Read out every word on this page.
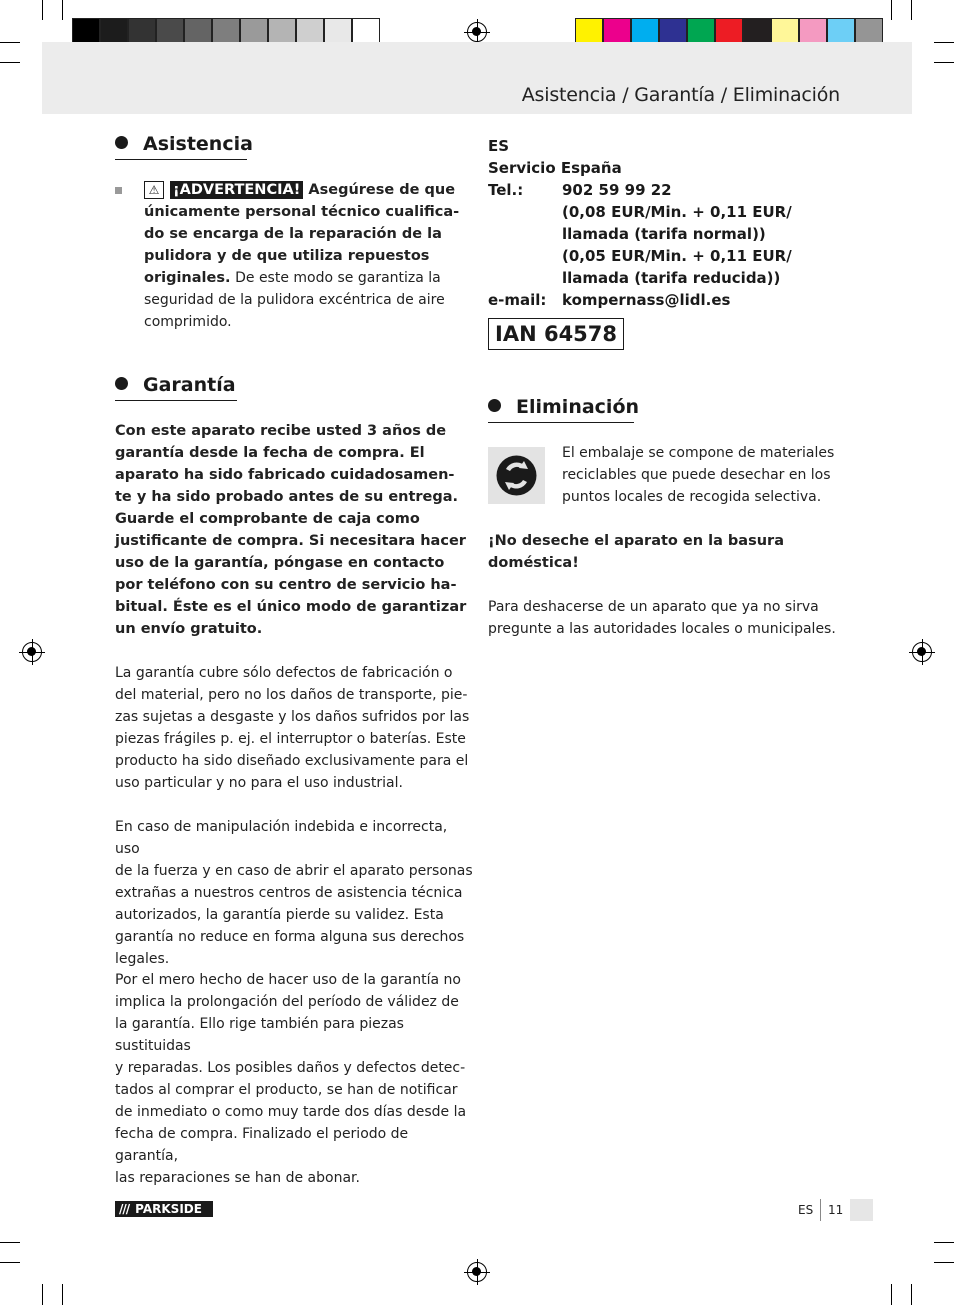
Asistencia / Garantía / Eliminación
Asistencia
⚠ ¡ADVERTENCIA! Asegúrese de que
únicamente personal técnico cualifica-
do se encarga de la reparación de la
pulidora y de que utiliza repuestos
originales. De este modo se garantiza la
seguridad de la pulidora excéntrica de aire
comprimido.
Garantía
Con este aparato recibe usted 3 años de
garantía desde la fecha de compra. El
aparato ha sido fabricado cuidadosamen-
te y ha sido probado antes de su entrega.
Guarde el comprobante de caja como
justificante de compra. Si necesitara hacer
uso de la garantía, póngase en contacto
por teléfono con su centro de servicio ha-
bitual. Éste es el único modo de garantizar
un envío gratuito.
La garantía cubre sólo defectos de fabricación o
del material, pero no los daños de transporte, pie-
zas sujetas a desgaste y los daños sufridos por las
piezas frágiles p. ej. el interruptor o baterías. Este
producto ha sido diseñado exclusivamente para el
uso particular y no para el uso industrial.
En caso de manipulación indebida e incorrecta, uso
de la fuerza y en caso de abrir el aparato personas
extrañas a nuestros centros de asistencia técnica
autorizados, la garantía pierde su validez. Esta
garantía no reduce en forma alguna sus derechos
legales.
Por el mero hecho de hacer uso de la garantía no
implica la prolongación del período de válidez de
la garantía. Ello rige también para piezas sustituidas
y reparadas. Los posibles daños y defectos detec-
tados al comprar el producto, se han de notificar
de inmediato o como muy tarde dos días desde la
fecha de compra. Finalizado el periodo de garantía,
las reparaciones se han de abonar.
ES
Servicio España
Tel.:	902 59 99 22
(0,08 EUR/Min. + 0,11 EUR/
llamada (tarifa normal))
(0,05 EUR/Min. + 0,11 EUR/
llamada (tarifa reducida))
e-mail:	kompernass@lidl.es
IAN 64578
Eliminación
El embalaje se compone de materiales
reciclables que puede desechar en los
puntos locales de recogida selectiva.
¡No deseche el aparato en la basura
doméstica!
Para deshacerse de un aparato que ya no sirva
pregunte a las autoridades locales o municipales.
/// PARKSIDE	ES 11
